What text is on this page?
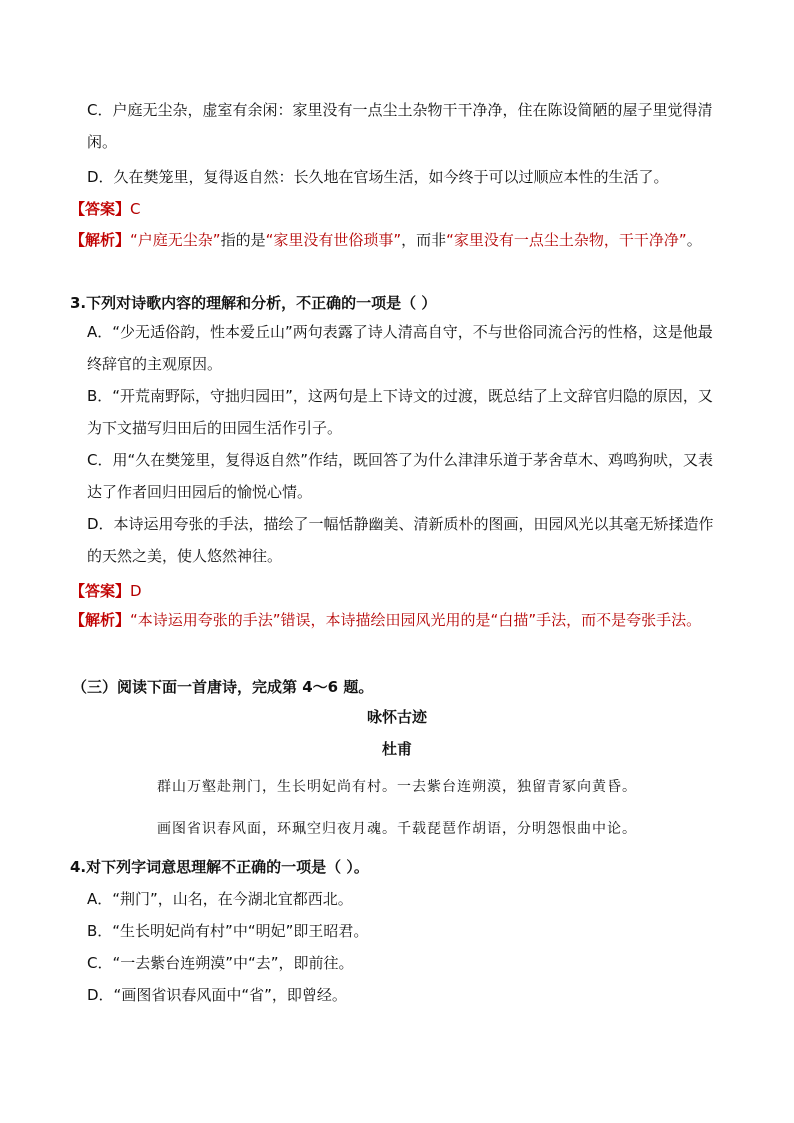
C．户庭无尘杂，虚室有余闲：家里没有一点尘土杂物干干净净，住在陈设简陋的屋子里觉得清闲。
D．久在樊笼里，复得返自然：长久地在官场生活，如今终于可以过顺应本性的生活了。
【答案】C
【解析】“户庭无尘杂”指的是“家里没有世俗琐事”，而非“家里没有一点尘土杂物，干干净净”。
3.下列对诗歌内容的理解和分析，不正确的一项是（ ）
A．“少无适俗韵，性本爱丘山”两句表露了诗人清高自守，不与世俗同流合污的性格，这是他最终辞官的主观原因。
B．“开荒南野际，守拙归园田”，这两句是上下诗文的过渡，既总结了上文辞官归隐的原因，又为下文描写归田后的田园生活作引子。
C．用“久在樊笼里，复得返自然”作结，既回答了为什么津津乐道于茅舍草木、鸡鸣狗吠，又表达了作者回归田园后的愉悦心情。
D．本诗运用夸张的手法，描绘了一幅恬静幽美、清新质朴的图画，田园风光以其毫无矫揉造作的天然之美，使人悠然神往。
【答案】D
【解析】“本诗运用夸张的手法”错误，本诗描绘田园风光用的是“白描”手法，而不是夸张手法。
（三）阅读下面一首唐诗，完成第 4～6 题。
咏怀古迹
杜甫
群山万壑赴荆门，生长明妃尚有村。一去紫台连朔漠，独留青冢向黄昏。
画图省识春风面，环珮空归夜月魂。千载琵琶作胡语，分明怨恨曲中论。
4.对下列字词意思理解不正确的一项是（ ）。
A．“荆门”，山名，在今湖北宜都西北。
B．“生长明妃尚有村”中“明妃”即王昭君。
C．“一去紫台连朔漠”中“去”，即前往。
D．“画图省识春风面中“省”，即曾经。
